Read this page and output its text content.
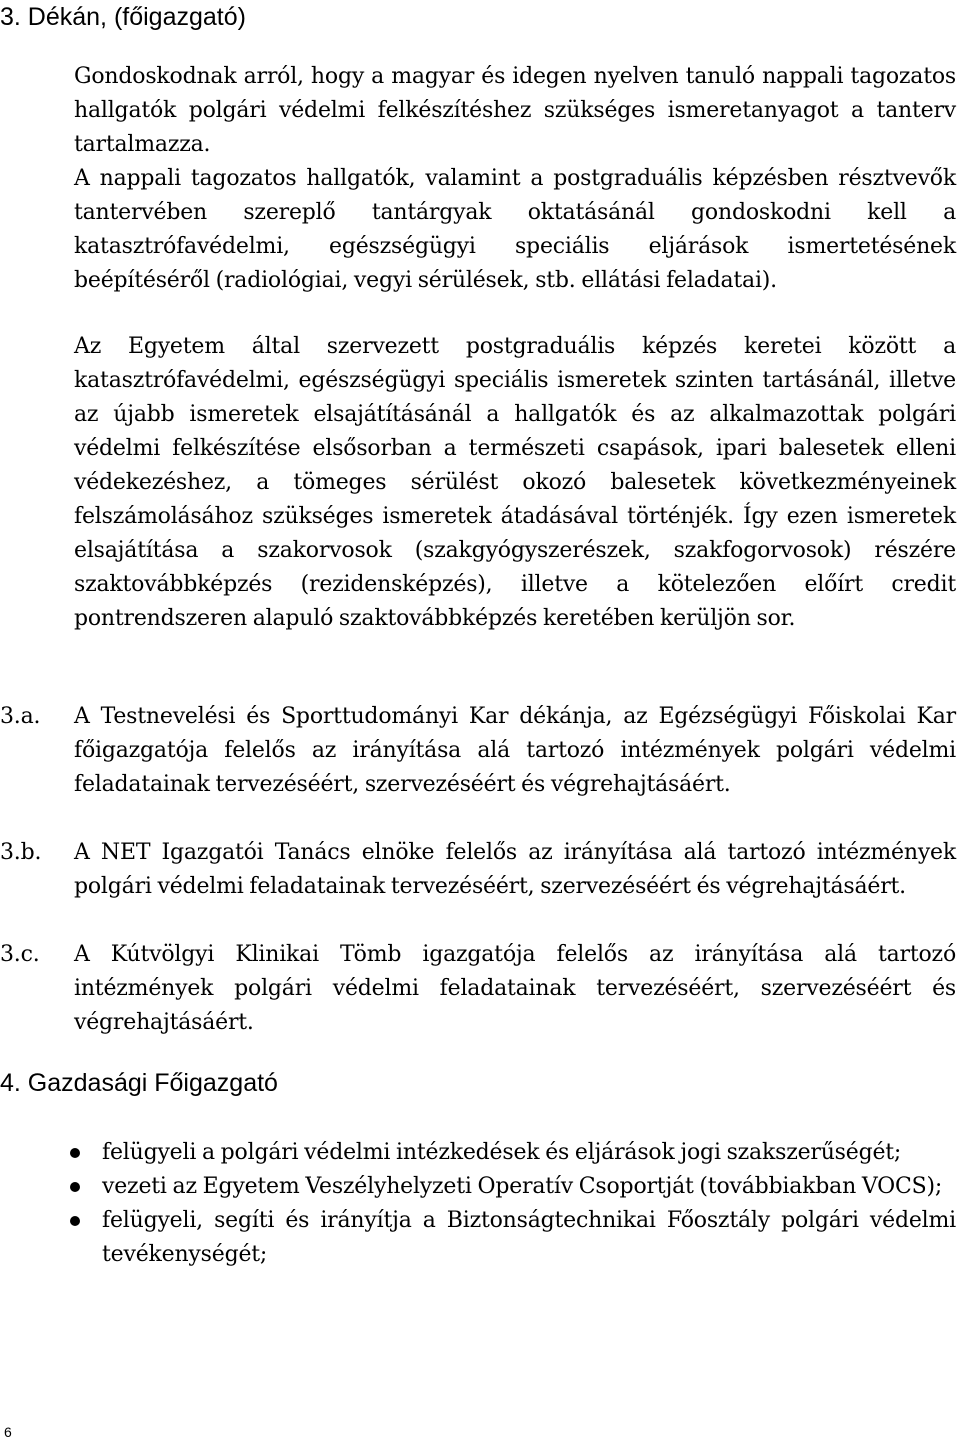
3. Dékán, (főigazgató)

Gondoskodnak arról, hogy a magyar és idegen nyelven tanuló nappali tagozatos hallgatók polgári védelmi felkészítéshez szükséges ismeretanyagot a tanterv tartalmazza.

A nappali tagozatos hallgatók, valamint a postgraduális képzésben résztvevők tantervében szereplő tantárgyak oktatásánál gondoskodni kell a katasztrófavédelmi, egészségügyi speciális eljárások ismertetésének beépítéséről (radiológiai, vegyi sérülések, stb. ellátási feladatai).

Az Egyetem által szervezett postgraduális képzés keretei között a katasztrófavédelmi, egészségügyi speciális ismeretek szinten tartásánál, illetve az újabb ismeretek elsajátításánál a hallgatók és az alkalmazottak polgári védelmi felkészítése elsősorban a természeti csapások, ipari balesetek elleni védekezéshez, a tömeges sérülést okozó balesetek következményeinek felszámolásához szükséges ismeretek átadásával történjék. Így ezen ismeretek elsajátítása a szakorvosok (szakgyógyszerészek, szakfogorvosok) részére szaktovábbképzés (rezidensképzés), illetve a kötelezően előírt credit pontrendszeren alapuló szaktovábbképzés keretében kerüljön sor.

3.a.	A Testnevelési és Sporttudományi Kar dékánja, az Egézségügyi Főiskolai Kar főigazgatója felelős az irányítása alá tartozó intézmények polgári védelmi feladatainak tervezéséért, szervezéséért és végrehajtásáért.
3.b.	A NET Igazgatói Tanács elnöke felelős az irányítása alá tartozó intézmények polgári védelmi feladatainak tervezéséért, szervezéséért és végrehajtásáért.
3.c.	A Kútvölgyi Klinikai Tömb igazgatója felelős az irányítása alá tartozó intézmények polgári védelmi feladatainak tervezéséért, szervezéséért és végrehajtásáért.
4. Gazdasági Főigazgató
felügyeli a polgári védelmi intézkedések és eljárások jogi szakszerűségét;
vezeti az Egyetem Veszélyhelyzeti Operatív Csoportját (továbbiakban VOCS);
felügyeli, segíti és irányítja a Biztonságtechnikai Főosztály polgári védelmi tevékenységét;
6
